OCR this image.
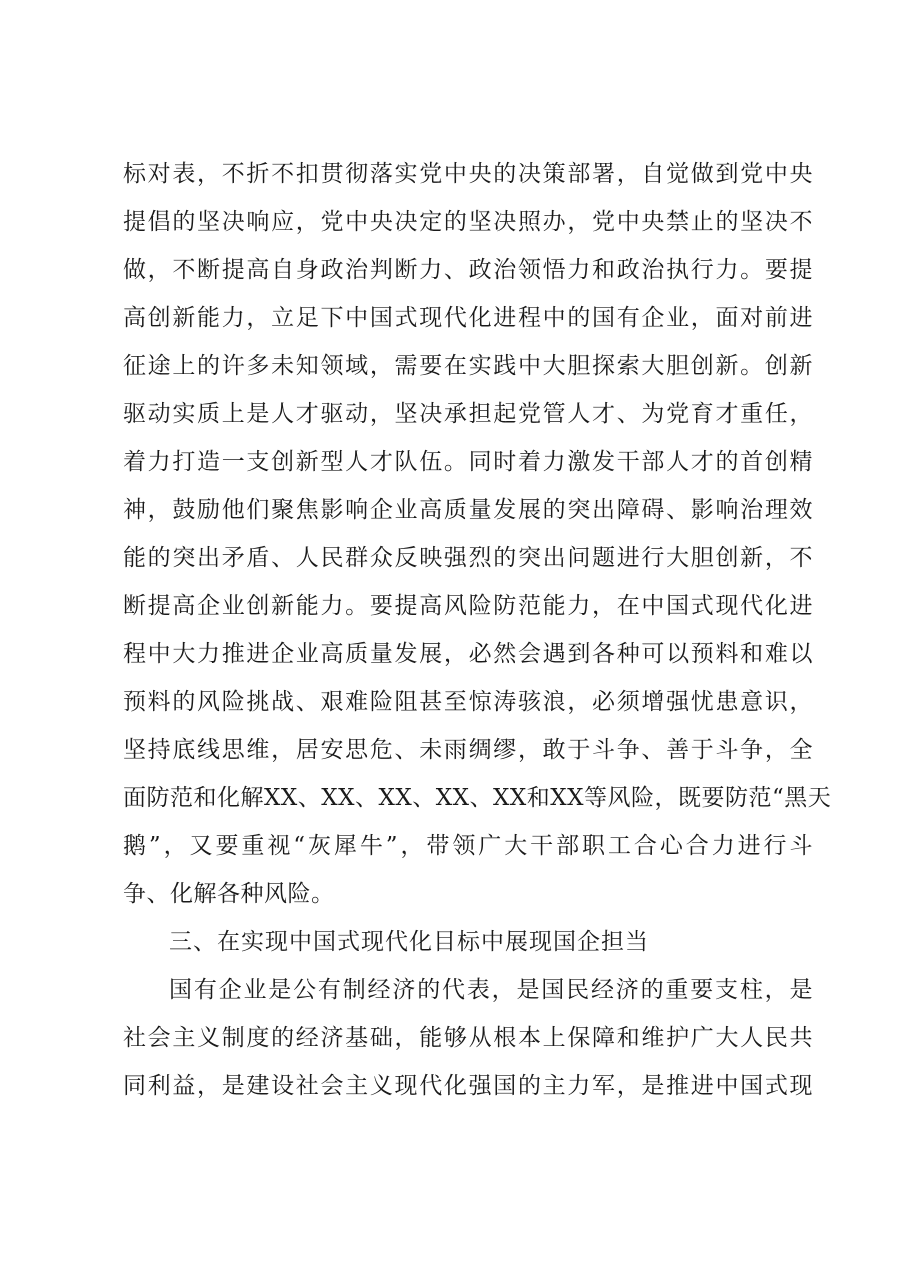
标对表，不折不扣贯彻落实党中央的决策部署，自觉做到党中央
提倡的坚决响应，党中央决定的坚决照办，党中央禁止的坚决不
做，不断提高自身政治判断力、政治领悟力和政治执行力。要提
高创新能力，立足下中国式现代化进程中的国有企业，面对前进
征途上的许多未知领域，需要在实践中大胆探索大胆创新。创新
驱动实质上是人才驱动，坚决承担起党管人才、为党育才重任，
着力打造一支创新型人才队伍。同时着力激发干部人才的首创精
神，鼓励他们聚焦影响企业高质量发展的突出障碍、影响治理效
能的突出矛盾、人民群众反映强烈的突出问题进行大胆创新，不
断提高企业创新能力。要提高风险防范能力，在中国式现代化进
程中大力推进企业高质量发展，必然会遇到各种可以预料和难以
预料的风险挑战、艰难险阻甚至惊涛骇浪，必须增强忧患意识，
坚持底线思维，居安思危、未雨绸缪，敢于斗争、善于斗争，全
面防范和化解XX、XX、XX、XX、XX和XX等风险，既要防范“黑天
鹅”，又要重视“灰犀牛”，带领广大干部职工合心合力进行斗
争、化解各种风险。
三、在实现中国式现代化目标中展现国企担当
国有企业是公有制经济的代表，是国民经济的重要支柱，是
社会主义制度的经济基础，能够从根本上保障和维护广大人民共
同利益，是建设社会主义现代化强国的主力军，是推进中国式现
